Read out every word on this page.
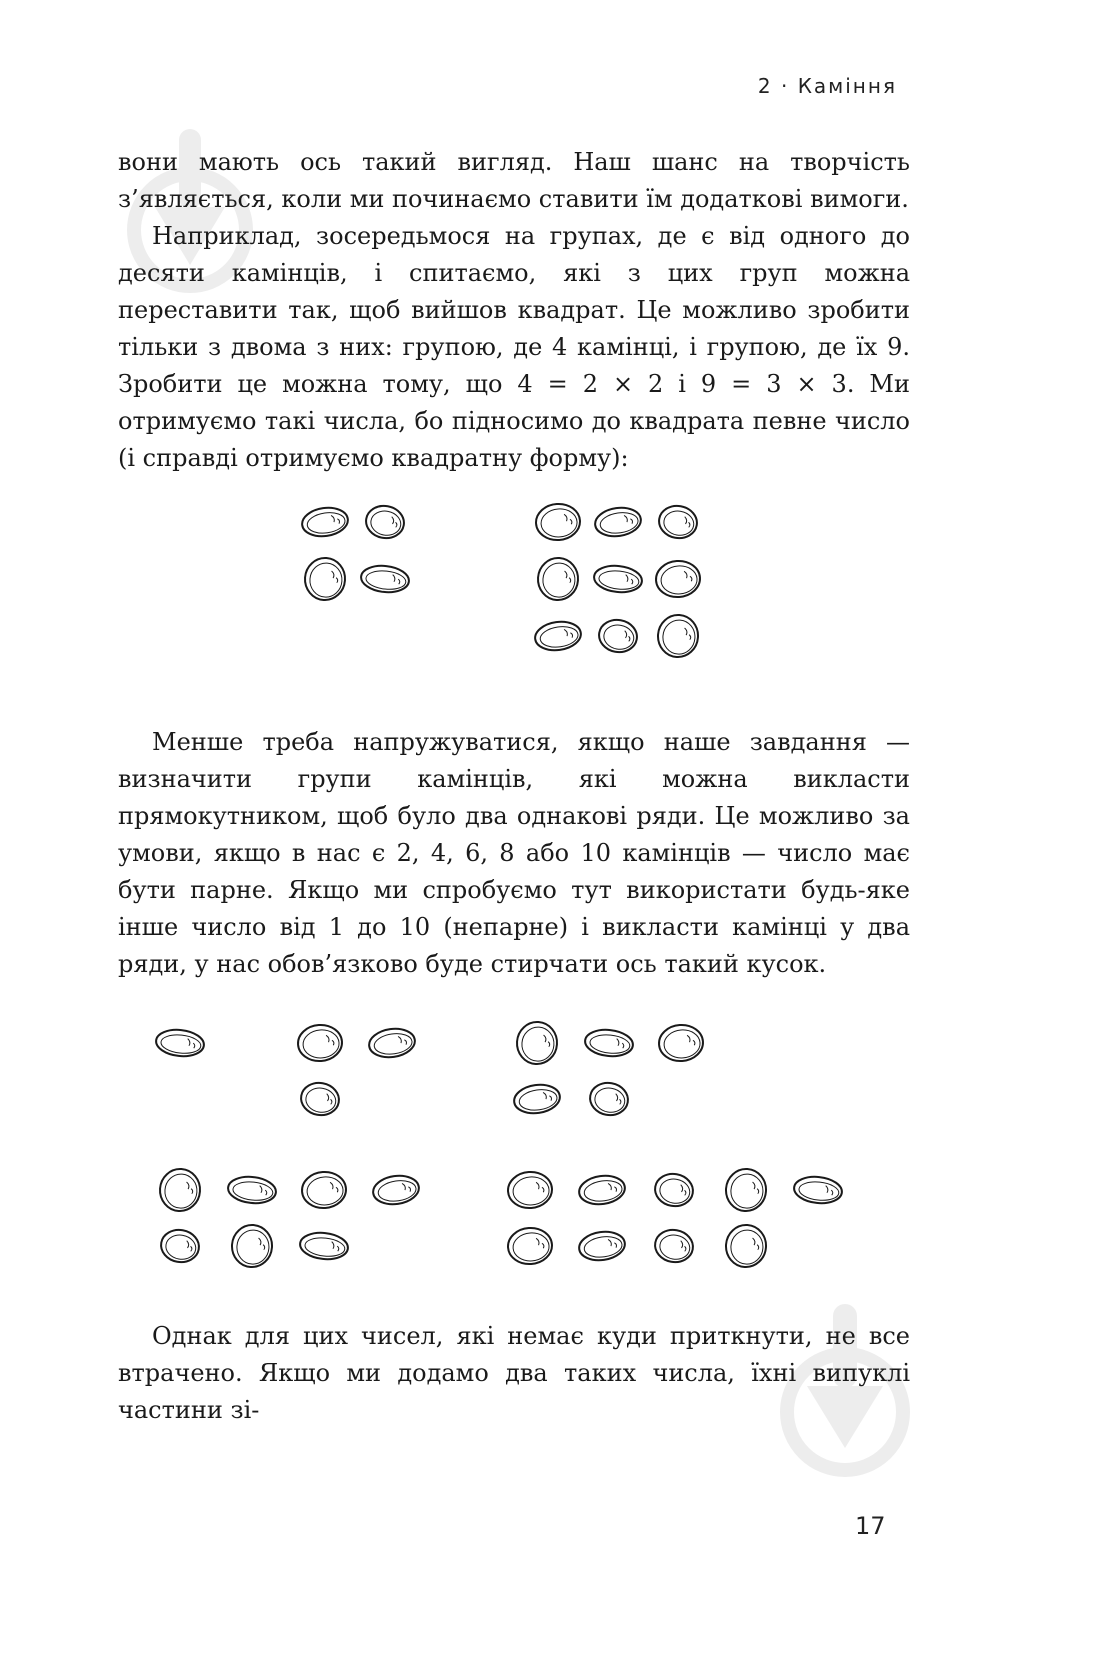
2 · Каміння

вони мають ось такий вигляд. Наш шанс на творчість з’являється, коли ми починаємо ставити їм додаткові вимоги.

Наприклад, зосередьмося на групах, де є від одного до десяти камінців, і спитаємо, які з цих груп можна переставити так, щоб вийшов квадрат. Це можливо зробити тільки з двома з них: групою, де 4 камінці, і групою, де їх 9. Зробити це можна тому, що 4 = 2 × 2 і 9 = 3 × 3. Ми отримуємо такі числа, бо підносимо до квадрата певне число (і справді отримуємо квадратну форму):

Менше треба напружуватися, якщо наше завдання — визначити групи камінців, які можна викласти прямокутником, щоб було два однакові ряди. Це можливо за умови, якщо в нас є 2, 4, 6, 8 або 10 камінців — число має бути парне. Якщо ми спробуємо тут використати будь-яке інше число від 1 до 10 (непарне) і викласти камінці у два ряди, у нас обов’язково буде стирчати ось такий кусок.

Однак для цих чисел, які немає куди приткнути, не все втрачено. Якщо ми додамо два таких числа, їхні випуклі частини зі-

17
